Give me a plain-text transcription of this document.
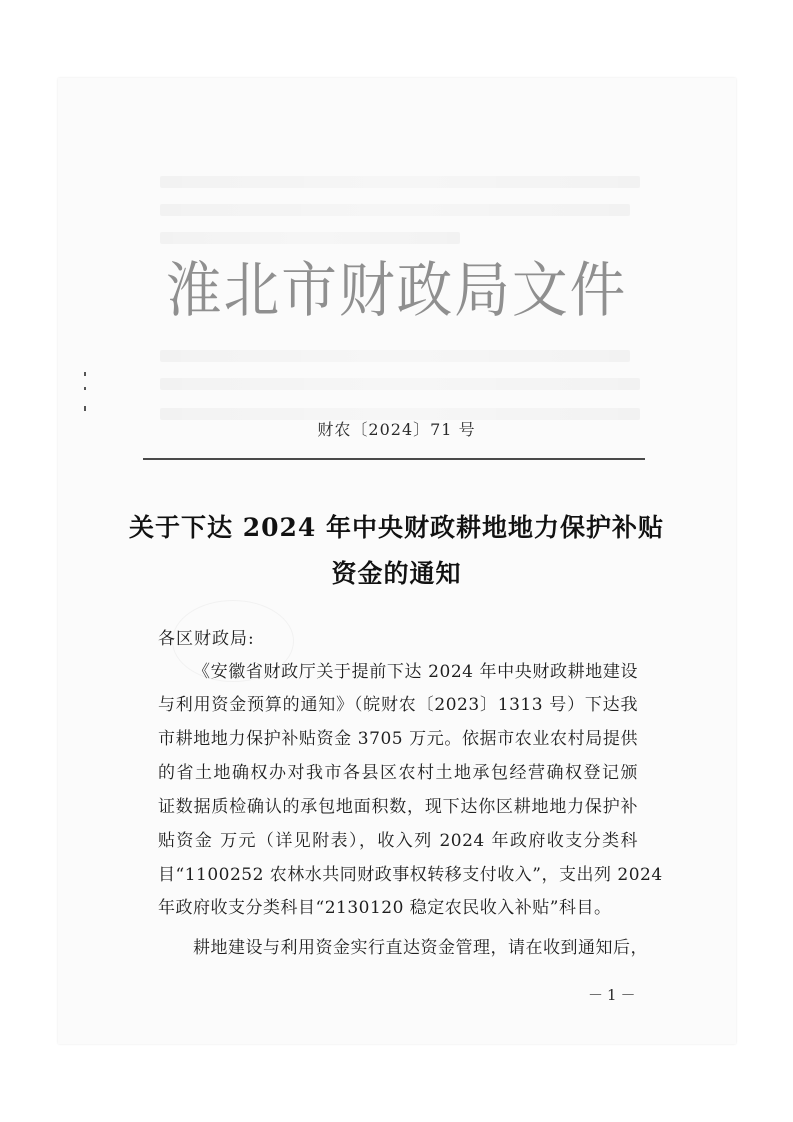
淮北市财政局文件
财农〔2024〕71 号
关于下达 2024 年中央财政耕地地力保护补贴
资金的通知
各区财政局:
《安徽省财政厅关于提前下达 2024 年中央财政耕地建设
与利用资金预算的通知》（皖财农〔2023〕1313 号）下达我
市耕地地力保护补贴资金 3705 万元。依据市农业农村局提供
的省土地确权办对我市各县区农村土地承包经营确权登记颁
证数据质检确认的承包地面积数，现下达你区耕地地力保护补
贴资金 万元（详见附表），收入列 2024 年政府收支分类科
目“1100252 农林水共同财政事权转移支付收入”，支出列 2024
年政府收支分类科目“2130120 稳定农民收入补贴”科目。
耕地建设与利用资金实行直达资金管理，请在收到通知后，
－1－
